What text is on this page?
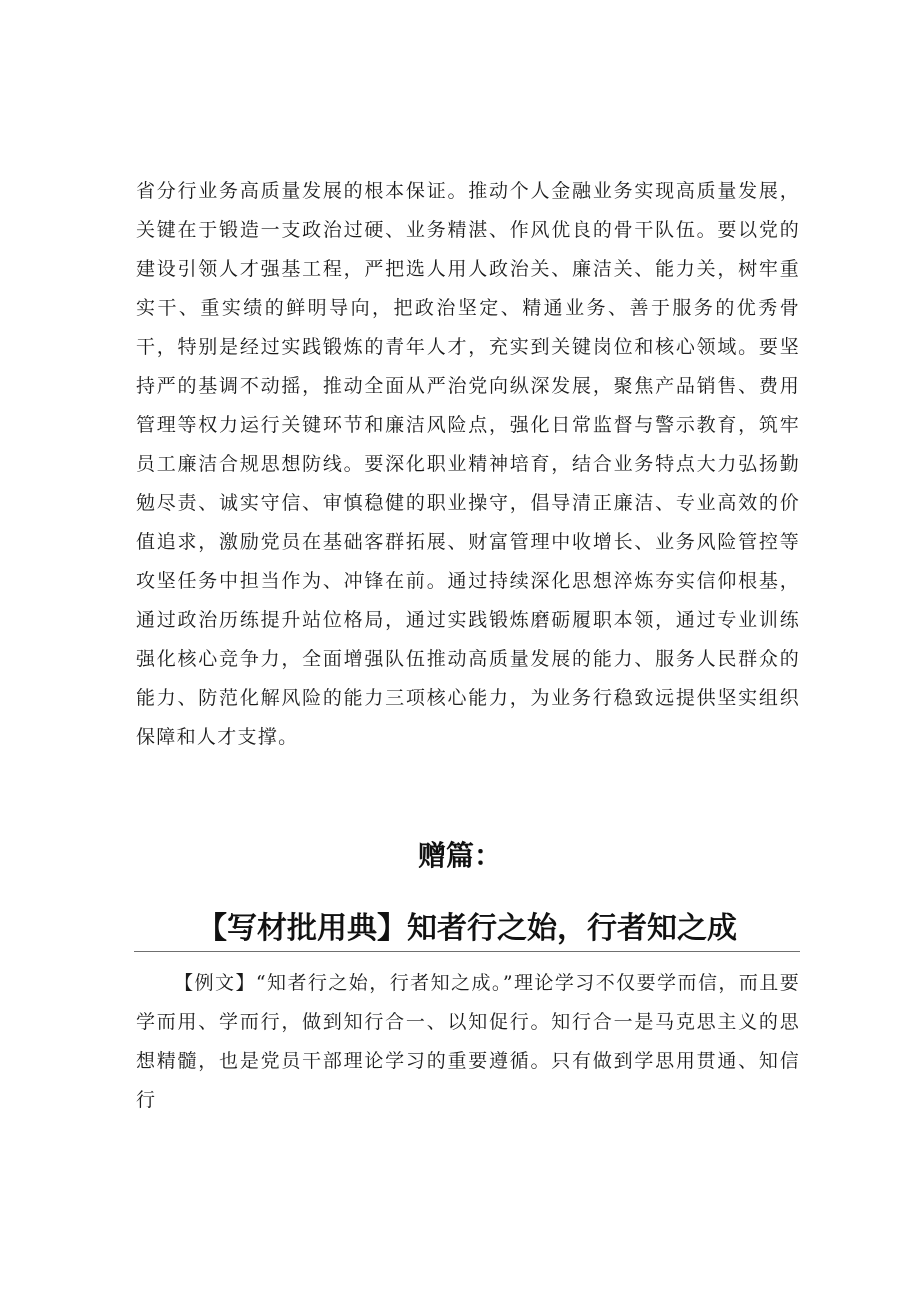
省分行业务高质量发展的根本保证。推动个人金融业务实现高质量发展，关键在于锻造一支政治过硬、业务精湛、作风优良的骨干队伍。要以党的建设引领人才强基工程，严把选人用人政治关、廉洁关、能力关，树牢重实干、重实绩的鲜明导向，把政治坚定、精通业务、善于服务的优秀骨干，特别是经过实践锻炼的青年人才，充实到关键岗位和核心领域。要坚持严的基调不动摇，推动全面从严治党向纵深发展，聚焦产品销售、费用管理等权力运行关键环节和廉洁风险点，强化日常监督与警示教育，筑牢员工廉洁合规思想防线。要深化职业精神培育，结合业务特点大力弘扬勤勉尽责、诚实守信、审慎稳健的职业操守，倡导清正廉洁、专业高效的价值追求，激励党员在基础客群拓展、财富管理中收增长、业务风险管控等攻坚任务中担当作为、冲锋在前。通过持续深化思想淬炼夯实信仰根基，通过政治历练提升站位格局，通过实践锻炼磨砺履职本领，通过专业训练强化核心竞争力，全面增强队伍推动高质量发展的能力、服务人民群众的能力、防范化解风险的能力三项核心能力，为业务行稳致远提供坚实组织保障和人才支撑。

赠篇：
【写材批用典】知者行之始，行者知之成

【例文】“知者行之始，行者知之成。”理论学习不仅要学而信，而且要学而用、学而行，做到知行合一、以知促行。知行合一是马克思主义的思想精髓，也是党员干部理论学习的重要遵循。只有做到学思用贯通、知信行
